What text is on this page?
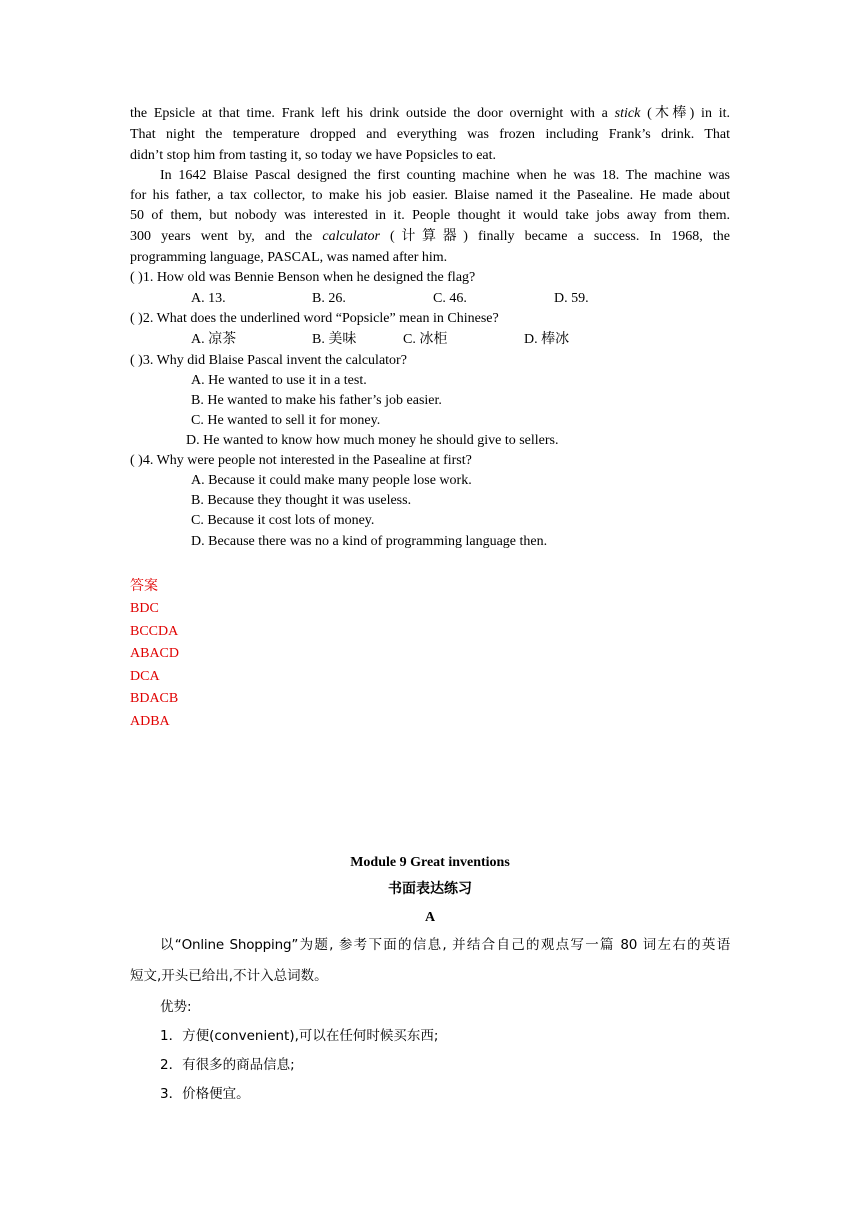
the Epsicle at that time. Frank left his drink outside the door overnight with a stick (木棒) in it.
That night the temperature dropped and everything was frozen including Frank’s drink. That
didn’t stop him from tasting it, so today we have Popsicles to eat.
In 1642 Blaise Pascal designed the first counting machine when he was 18. The machine was
for his father, a tax collector, to make his job easier. Blaise named it the Pasealine. He made about
50 of them, but nobody was interested in it. People thought it would take jobs away from them.
300 years went by, and the calculator (计算器) finally became a success. In 1968, the
programming language, PASCAL, was named after him.
( )1. How old was Bennie Benson when he designed the flag?
A. 13.	B. 26.	C. 46.	D. 59.
( )2. What does the underlined word “Popsicle” mean in Chinese?
A. 凉茶	B. 美味	C. 冰柜	D. 棒冰
( )3. Why did Blaise Pascal invent the calculator?
A. He wanted to use it in a test.
B. He wanted to make his father’s job easier.
C. He wanted to sell it for money.
D. He wanted to know how much money he should give to sellers.
( )4. Why were people not interested in the Pasealine at first?
A. Because it could make many people lose work.
B. Because they thought it was useless.
C. Because it cost lots of money.
D. Because there was no a kind of programming language then.
答案
BDC
BCCDA
ABACD
DCA
BDACB
ADBA
Module 9 Great inventions
书面表达练习
A
以“Online Shopping”为题, 参考下面的信息, 并结合自己的观点写一篇 80 词左右的英语
短文,开头已给出,不计入总词数。
优势:
1．方便(convenient),可以在任何时候买东西;
2．有很多的商品信息;
3．价格便宜。
